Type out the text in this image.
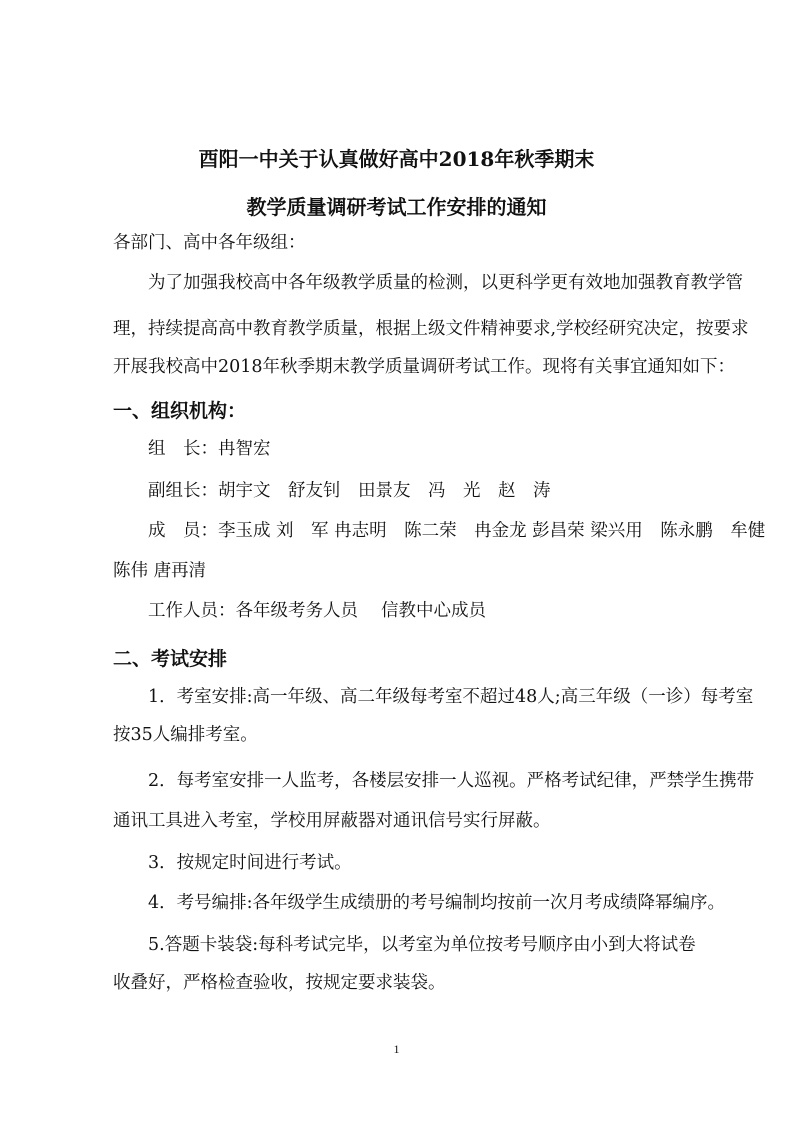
酉阳一中关于认真做好高中2018年秋季期末
教学质量调研考试工作安排的通知
各部门、高中各年级组：
为了加强我校高中各年级教学质量的检测，以更科学更有效地加强教育教学管
理，持续提高高中教育教学质量，根据上级文件精神要求,学校经研究决定，按要求
开展我校高中2018年秋季期末教学质量调研考试工作。现将有关事宜通知如下：
一、组织机构：
组　长：冉智宏
副组长：胡宇文　舒友钊　田景友　冯　光　赵　涛
成　员：李玉成 刘　军 冉志明　陈二荣　冉金龙 彭昌荣 梁兴用　陈永鹏　牟健
陈伟 唐再清
工作人员：各年级考务人员　 信教中心成员
二、考试安排
1．考室安排:高一年级、高二年级每考室不超过48人;高三年级（一诊）每考室
按35人编排考室。
2．每考室安排一人监考，各楼层安排一人巡视。严格考试纪律，严禁学生携带
通讯工具进入考室，学校用屏蔽器对通讯信号实行屏蔽。
3．按规定时间进行考试。
4．考号编排:各年级学生成绩册的考号编制均按前一次月考成绩降幂编序。
5.答题卡装袋:每科考试完毕，以考室为单位按考号顺序由小到大将试卷
收叠好，严格检查验收，按规定要求装袋。
1
